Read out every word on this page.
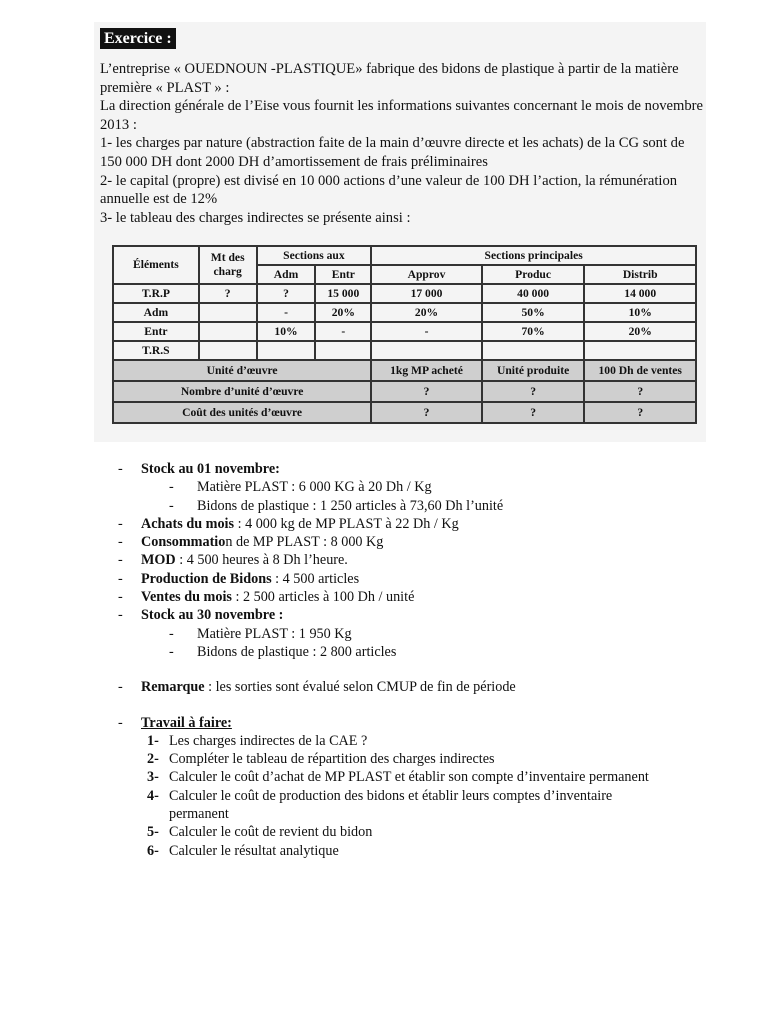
Exercice :

L’entreprise « OUEDNOUN -PLASTIQUE» fabrique des bidons de plastique à partir de la matière première « PLAST » :

La direction générale de l’Eise vous fournit les informations suivantes concernant le mois de novembre 2013 :

1- les charges par nature (abstraction faite de la main d’œuvre directe et les achats) de la CG sont de 150 000 DH dont 2000 DH d’amortissement de frais préliminaires

2- le capital (propre) est divisé en 10 000 actions d’une valeur de 100 DH l’action, la rémunération annuelle est de 12%

3- le tableau des charges indirectes se présente ainsi :

Éléments	Mt des charg	Sections aux		Sections principales		
		Adm	Entr	Approv	Produc	Distrib
T.R.P	?	?	15 000	17 000	40 000	14 000
Adm		-	20%	20%	50%	10%
Entr		10%	-	-	70%	20%
T.R.S						
Unité d’œuvre				1kg MP acheté	Unité produite	100 Dh de ventes
Nombre d’unité d’œuvre				?	?	?
Coût des unités d’œuvre				?	?	?
- Stock au 01 novembre:
- Matière PLAST : 6 000 KG à 20 Dh / Kg
- Bidons de plastique : 1 250 articles à 73,60 Dh l’unité
- Achats du mois : 4 000 kg de MP PLAST à 22 Dh / Kg
- Consommation de MP PLAST : 8 000 Kg
- MOD : 4 500 heures à 8 Dh l’heure.
- Production de Bidons : 4 500 articles
- Ventes du mois : 2 500 articles à 100 Dh / unité
- Stock au 30 novembre :
- Matière PLAST : 1 950 Kg
- Bidons de plastique : 2 800 articles
- Remarque : les sorties sont évalué selon CMUP de fin de période
- Travail à faire:
1- Les charges indirectes de la CAE ?
2- Compléter le tableau de répartition des charges indirectes
3- Calculer le coût d’achat de MP PLAST et établir son compte d’inventaire permanent
4- Calculer le coût de production des bidons et établir leurs comptes d’inventaire
permanent
5- Calculer le coût de revient du bidon
6- Calculer le résultat analytique
